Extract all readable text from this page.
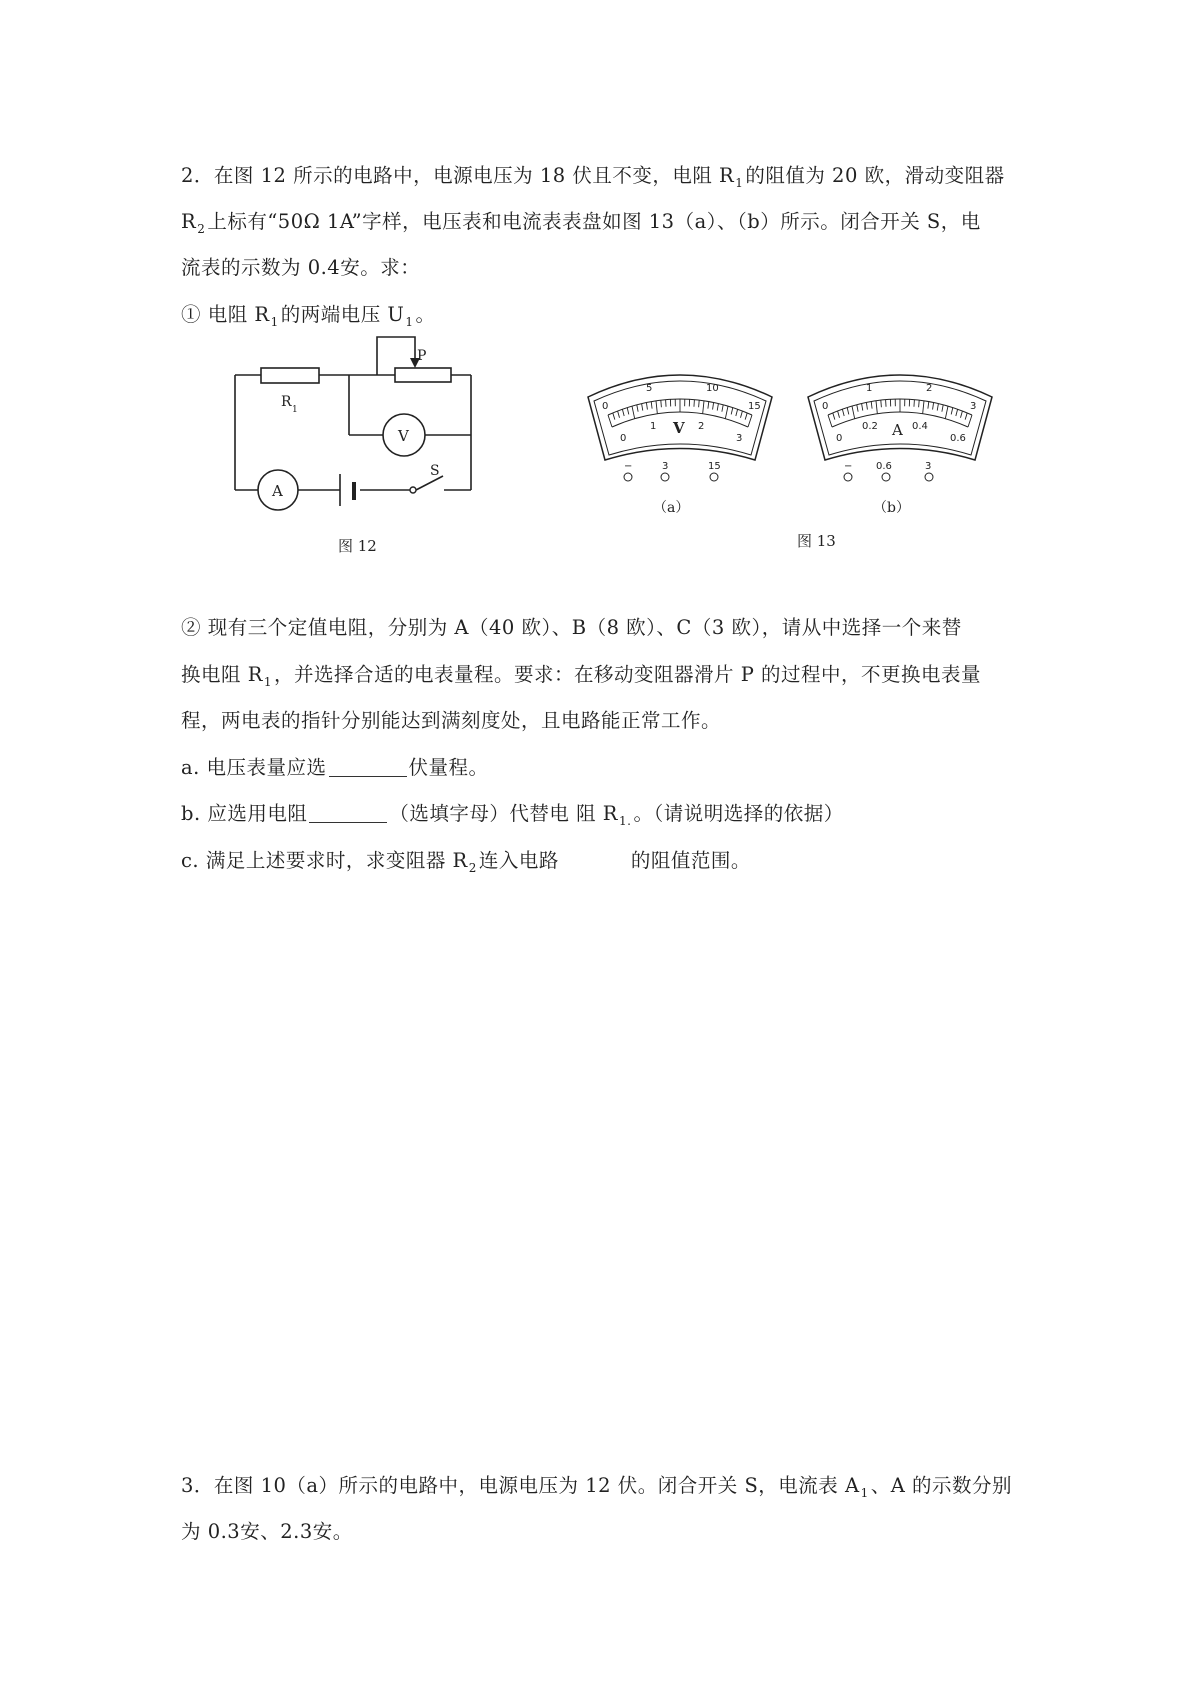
2．在图 12 所示的电路中，电源电压为 18 伏且不变，电阻 $R_1$ 的阻值为 20 欧，滑动变阻器
$R_2$ 上标有“50Ω 1A”字样，电压表和电流表表盘如图 13（a）、（b）所示。闭合开关 S，电
流表的示数为 0.4安。求：
① 电阻 $R_1$ 的两端电压 $U_1$ 。
P
V
A
S
R 1
图 12
0
5	10
15
0
1	2
3
V
−	3	15
0
1	2
3
0
0.2	0.4
0.6
A
− 0.6	3
（a）	（b）
图 13
② 现有三个定值电阻，分别为 A（40 欧）、B（8 欧）、C（3 欧），请从中选择一个来替
换电阻 $R_1$ ，并选择合适的电表量程。要求：在移动变阻器滑片 P 的过程中，不更换电表量
程，两电表的指针分别能达到满刻度处，且电路能正常工作。
a. 电压表量应选	伏量程。
b. 应选用电阻	（选填字母）代替电 阻 $R_{1.}$ 。（请说明选择的依据）
c. 满足上述要求时，求变阻器 $R_2$ 连入电路	的阻值范围。
3．在图 10（a）所示的电路中，电源电压为 12 伏。闭合开关 S，电流表 $A_1$ 、A 的示数分别
为 0.3安、2.3安。
